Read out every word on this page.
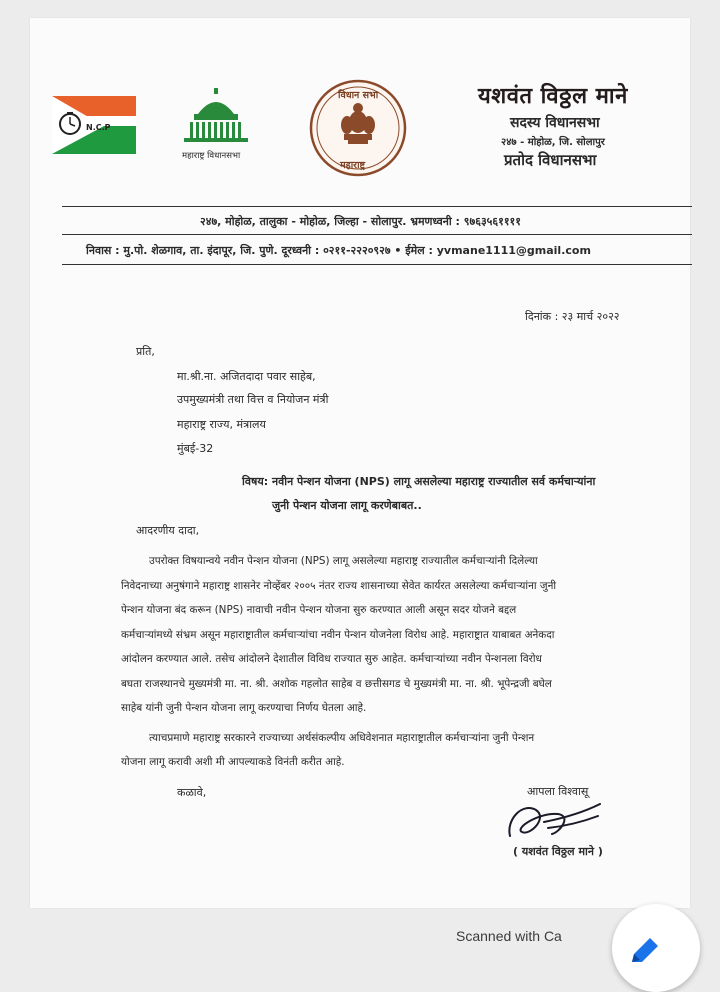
N.C.P
महाराष्ट्र विधानसभा
विधान सभा
महाराष्ट्र
यशवंत विठ्ठल माने
सदस्य विधानसभा
२४७ - मोहोळ, जि. सोलापुर
प्रतोद विधानसभा
२४७, मोहोळ, तालुका - मोहोळ, जिल्हा - सोलापुर. भ्रमणध्वनी : ९७६३५६११११
निवास : मु.पो. शेळगाव, ता. इंदापूर, जि. पुणे. दूरध्वनी : ०२११-२२२०९२७ • ईमेल : yvmane1111@gmail.com
दिनांक : २३ मार्च २०२२
प्रति,
मा.श्री.ना. अजितदादा पवार साहेब,
उपमुख्यमंत्री तथा वित्त व नियोजन मंत्री
महाराष्ट्र राज्य, मंत्रालय
मुंबई-32
विषय: नवीन पेन्शन योजना (NPS) लागू असलेल्या महाराष्ट्र राज्यातील सर्व कर्मचाऱ्यांना
जुनी पेन्शन योजना लागू करणेबाबत..
आदरणीय दादा,
उपरोक्त विषयान्वये नवीन पेन्शन योजना (NPS) लागू असलेल्या महाराष्ट्र राज्यातील कर्मचाऱ्यांनी दिलेल्या
निवेदनाच्या अनुषंगाने महाराष्ट्र शासनेर नोव्हेंबर २००५ नंतर राज्य शासनाच्या सेवेत कार्यरत असलेल्या कर्मचाऱ्यांना जुनी
पेन्शन योजना बंद करून (NPS) नावाची नवीन पेन्शन योजना सुरु करण्यात आली असून सदर योजने बद्दल
कर्मचाऱ्यांमध्ये संभ्रम असून महाराष्ट्रातील कर्मचाऱ्यांचा नवीन पेन्शन योजनेला विरोध आहे. महाराष्ट्रात याबाबत अनेकदा
आंदोलन करण्यात आले. तसेच आंदोलने देशातील विविध राज्यात सुरु आहेत. कर्मचाऱ्यांच्या नवीन पेन्शनला विरोध
बघता राजस्थानचे मुख्यमंत्री मा. ना. श्री. अशोक गहलोत साहेब व छत्तीसगड चे मुख्यमंत्री मा. ना. श्री. भूपेन्द्रजी बघेल
साहेब यांनी जुनी पेन्शन योजना लागू करण्याचा निर्णय घेतला आहे.
त्याचप्रमाणे महाराष्ट्र सरकारने राज्याच्या अर्थसंकल्पीय अधिवेशनात महाराष्ट्रातील कर्मचाऱ्यांना जुनी पेन्शन
योजना लागू करावी अशी मी आपल्याकडे विनंती करीत आहे.
कळावे,	आपला विश्वासू
( यशवंत विठ्ठल माने )
Scanned with Ca
